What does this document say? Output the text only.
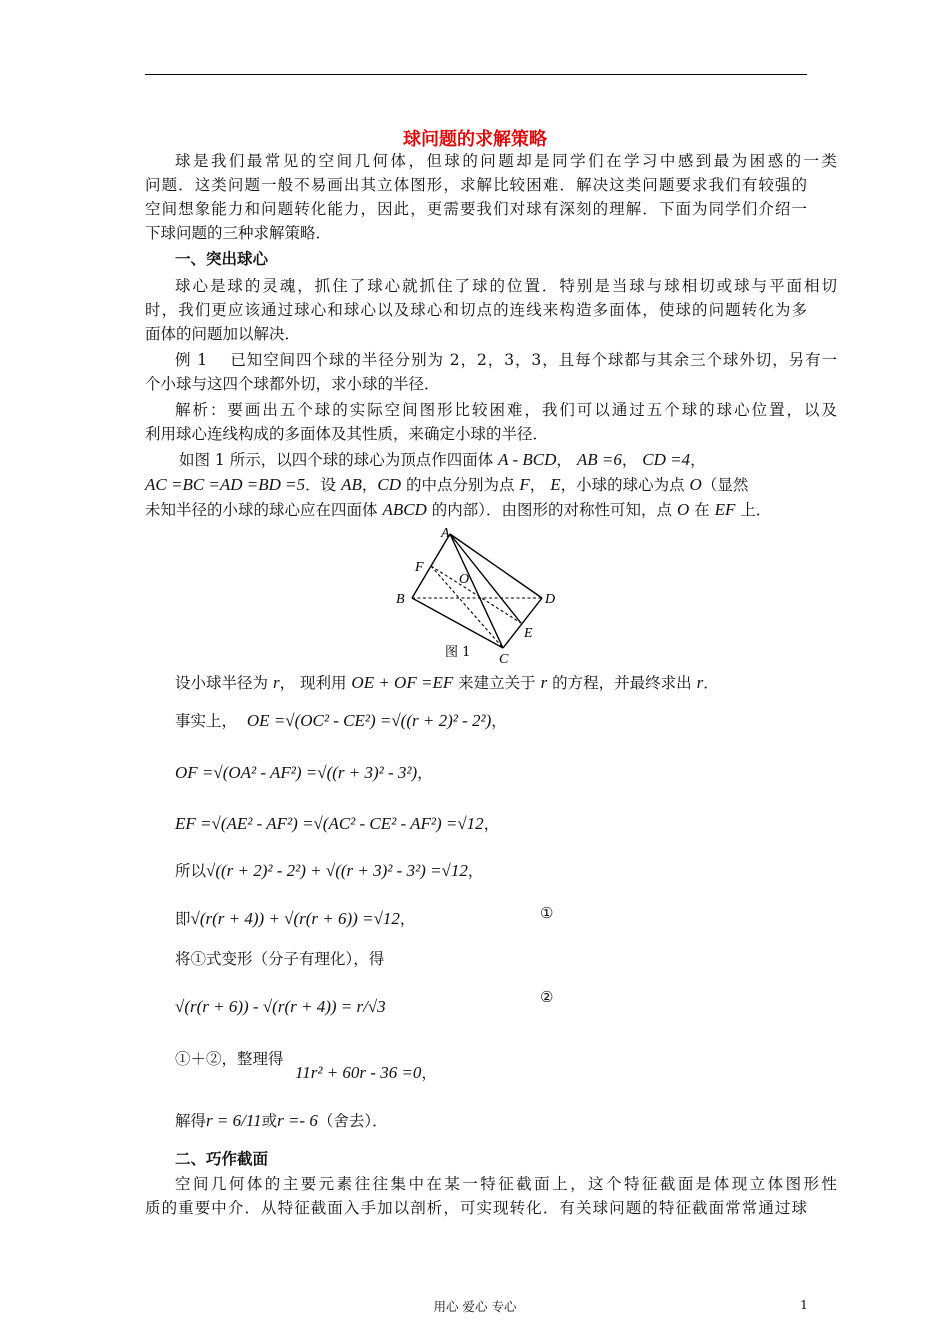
球问题的求解策略
球是我们最常见的空间几何体，但球的问题却是同学们在学习中感到最为困惑的一类
问题．这类问题一般不易画出其立体图形，求解比较困难．解决这类问题要求我们有较强的
空间想象能力和问题转化能力，因此，更需要我们对球有深刻的理解．下面为同学们介绍一
下球问题的三种求解策略．
一、突出球心
球心是球的灵魂，抓住了球心就抓住了球的位置．特别是当球与球相切或球与平面相切
时，我们更应该通过球心和球心以及球心和切点的连线来构造多面体，使球的问题转化为多
面体的问题加以解决．
例 1　 已知空间四个球的半径分别为 2，2，3，3，且每个球都与其余三个球外切，另有一
个小球与这四个球都外切，求小球的半径．
解析：要画出五个球的实际空间图形比较困难，我们可以通过五个球的球心位置，以及
利用球心连线构成的多面体及其性质，来确定小球的半径．
如图 1 所示，以四个球的球心为顶点作四面体 A - BCD， AB =6， CD =4，
AC =BC =AD =BD =5．设 AB，CD 的中点分别为点 F， E，小球的球心为点 O（显然
未知半径的小球的球心应在四面体 ABCD 的内部）．由图形的对称性可知，点 O 在 EF 上．
A
F
O
B	D
E
C
图 1
设小球半径为 r， 现利用 OE + OF =EF 来建立关于 r 的方程，并最终求出 r．
事实上， OE =√(OC² - CE²) =√((r + 2)² - 2²)，
OF =√(OA² - AF²) =√((r + 3)² - 3²)，
EF =√(AE² - AF²) =√(AC² - CE² - AF²) =√12，
所以√((r + 2)² - 2²) + √((r + 3)² - 3²) =√12，
即√(r(r + 4)) + √(r(r + 6)) =√12，	①
将①式变形（分子有理化），得
√(r(r + 6)) - √(r(r + 4)) = r/√3	②
①＋②，整理得
11r² + 60r - 36 =0，
解得r = 6/11或r =- 6（舍去）．
二、巧作截面
空间几何体的主要元素往往集中在某一特征截面上，这个特征截面是体现立体图形性
质的重要中介．从特征截面入手加以剖析，可实现转化．有关球问题的特征截面常常通过球
用心 爱心 专心	1
